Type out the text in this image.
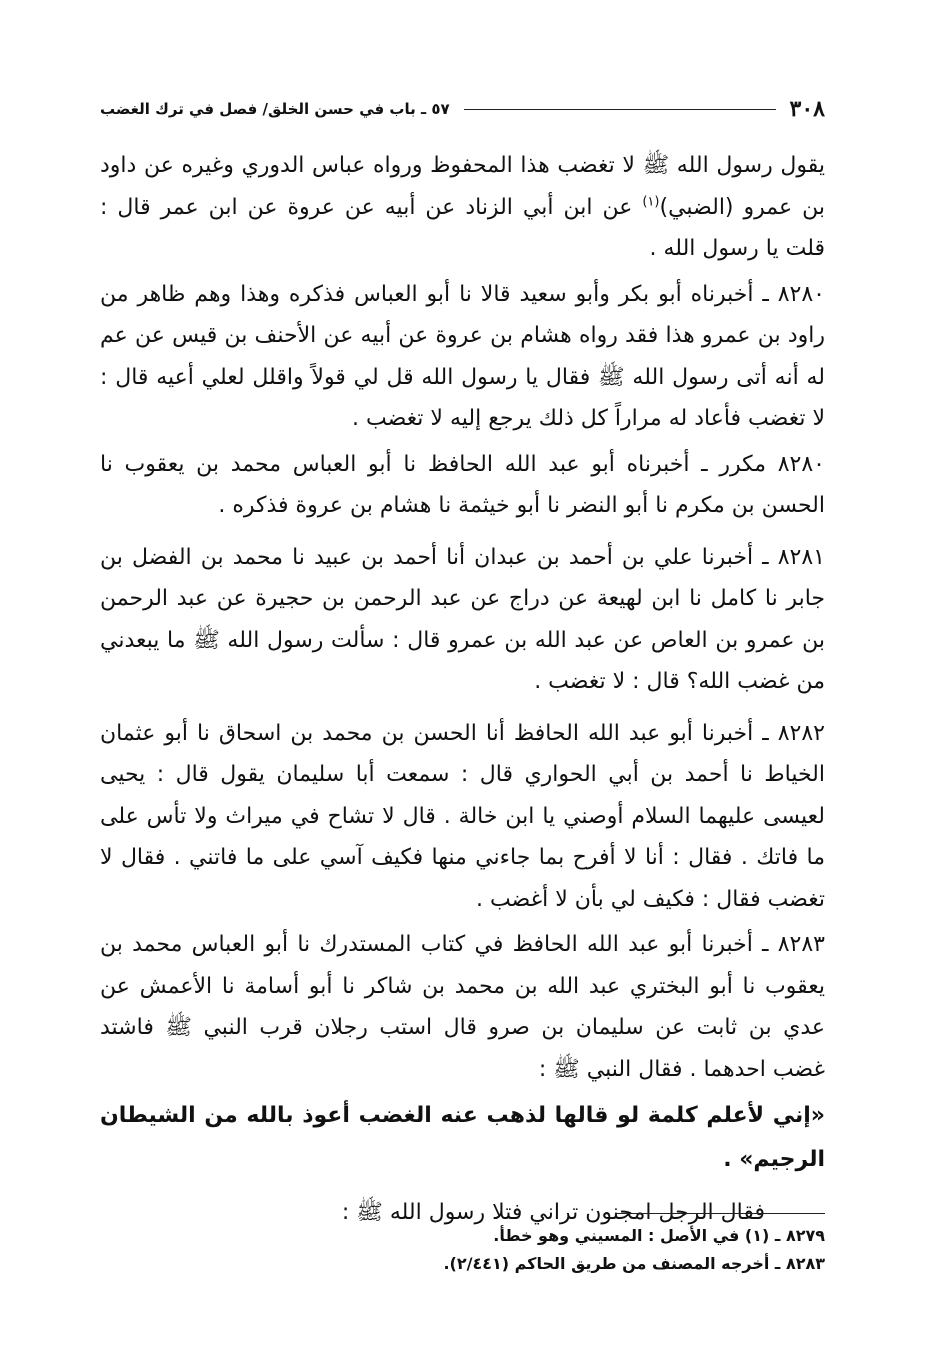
٣٠٨
٥٧ ـ باب في حسن الخلق/ فصل في ترك الغضب

يقول رسول الله ﷺ لا تغضب هذا المحفوظ ورواه عباس الدوري وغيره عن داود بن عمرو (الضبي)$^{(١)}$ عن ابن أبي الزناد عن أبيه عن عروة عن ابن عمر قال : قلت يا رسول الله .

٨٢٨٠ ـ أخبرناه أبو بكر وأبو سعيد قالا نا أبو العباس فذكره وهذا وهم ظاهر من راود بن عمرو هذا فقد رواه هشام بن عروة عن أبيه عن الأحنف بن قيس عن عم له أنه أتى رسول الله ﷺ فقال يا رسول الله قل لي قولاً واقلل لعلي أعيه قال : لا تغضب فأعاد له مراراً كل ذلك يرجع إليه لا تغضب .

٨٢٨٠ مكرر ـ أخبرناه أبو عبد الله الحافظ نا أبو العباس محمد بن يعقوب نا الحسن بن مكرم نا أبو النضر نا أبو خيثمة نا هشام بن عروة فذكره .

٨٢٨١ ـ أخبرنا علي بن أحمد بن عبدان أنا أحمد بن عبيد نا محمد بن الفضل بن جابر نا كامل نا ابن لهيعة عن دراج عن عبد الرحمن بن حجيرة عن عبد الرحمن بن عمرو بن العاص عن عبد الله بن عمرو قال : سألت رسول الله ﷺ ما يبعدني من غضب الله؟ قال : لا تغضب .

٨٢٨٢ ـ أخبرنا أبو عبد الله الحافظ أنا الحسن بن محمد بن اسحاق نا أبو عثمان الخياط نا أحمد بن أبي الحواري قال : سمعت أبا سليمان يقول قال : يحيى لعيسى عليهما السلام أوصني يا ابن خالة . قال لا تشاح في ميراث ولا تأس على ما فاتك . فقال : أنا لا أفرح بما جاءني منها فكيف آسي على ما فاتني . فقال لا تغضب فقال : فكيف لي بأن لا أغضب .

٨٢٨٣ ـ أخبرنا أبو عبد الله الحافظ في كتاب المستدرك نا أبو العباس محمد بن يعقوب نا أبو البختري عبد الله بن محمد بن شاكر نا أبو أسامة نا الأعمش عن عدي بن ثابت عن سليمان بن صرو قال استب رجلان قرب النبي ﷺ فاشتد غضب احدهما . فقال النبي ﷺ :

«إني لأعلم كلمة لو قالها لذهب عنه الغضب أعوذ بالله من الشيطان الرجيم» .

فقال الرجل امجنون تراني فتلا رسول الله ﷺ :

٨٢٧٩ ـ (١) في الأصل : المسيني وهو خطأ.

٨٢٨٣ ـ أخرجه المصنف من طريق الحاكم (٢/٤٤١).
